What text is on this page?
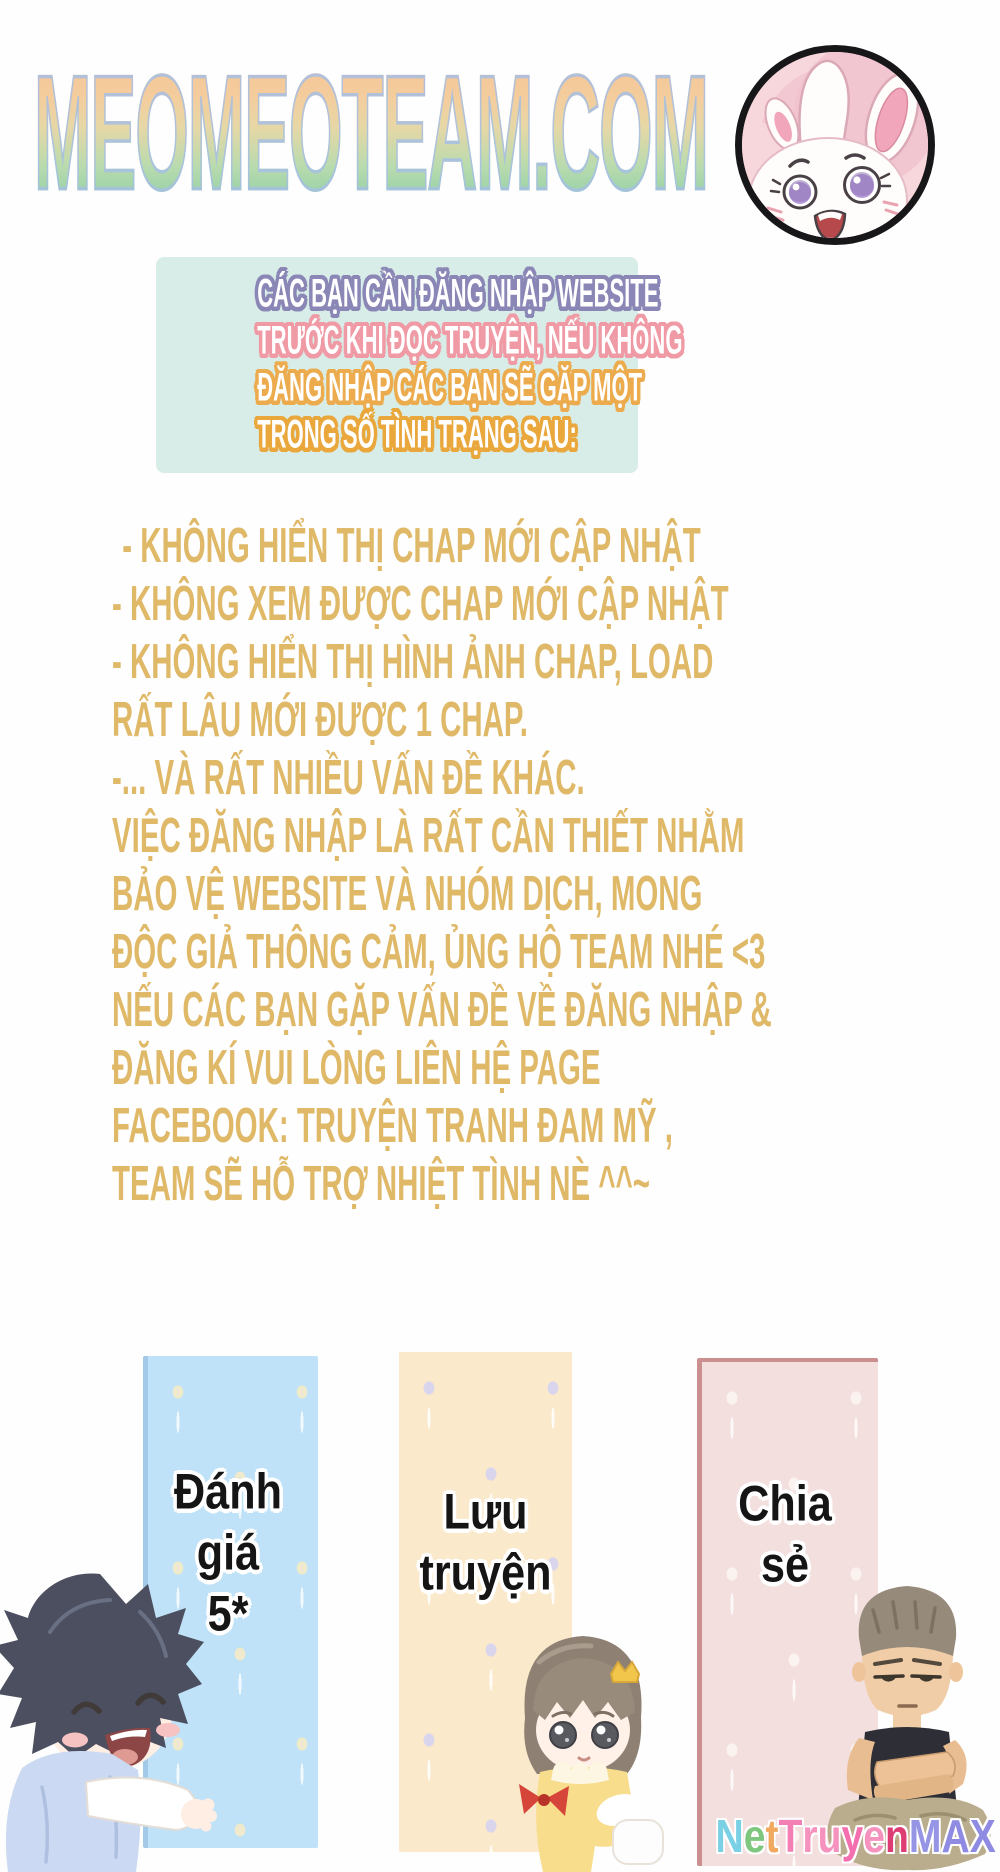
MEOMEOTEAM.COM
CÁC BẠN CẦN ĐĂNG NHẬP WEBSITE
TRƯỚC KHI ĐỌC TRUYỆN, NẾU KHÔNG
ĐĂNG NHẬP CÁC BẠN SẼ GẶP MỘT
TRONG SỐ TÌNH TRẠNG SAU:
- KHÔNG HIỂN THỊ CHAP MỚI CẬP NHẬT
- KHÔNG XEM ĐƯỢC CHAP MỚI CẬP NHẬT
- KHÔNG HIỂN THỊ HÌNH ẢNH CHAP, LOAD
RẤT LÂU MỚI ĐƯỢC 1 CHAP.
-... VÀ RẤT NHIỀU VẤN ĐỀ KHÁC.
VIỆC ĐĂNG NHẬP LÀ RẤT CẦN THIẾT NHẰM
BẢO VỆ WEBSITE VÀ NHÓM DỊCH, MONG
ĐỘC GIẢ THÔNG CẢM, ỦNG HỘ TEAM NHÉ <3
NẾU CÁC BẠN GẶP VẤN ĐỀ VỀ ĐĂNG NHẬP &
ĐĂNG KÍ VUI LÒNG LIÊN HỆ PAGE
FACEBOOK: TRUYỆN TRANH ĐAM MỸ ,
TEAM SẼ HỖ TRỢ NHIỆT TÌNH NÈ ^^~
Đánh
giá
5*
Lưu
truyện
Chia
sẻ
NetTruyenMAX
